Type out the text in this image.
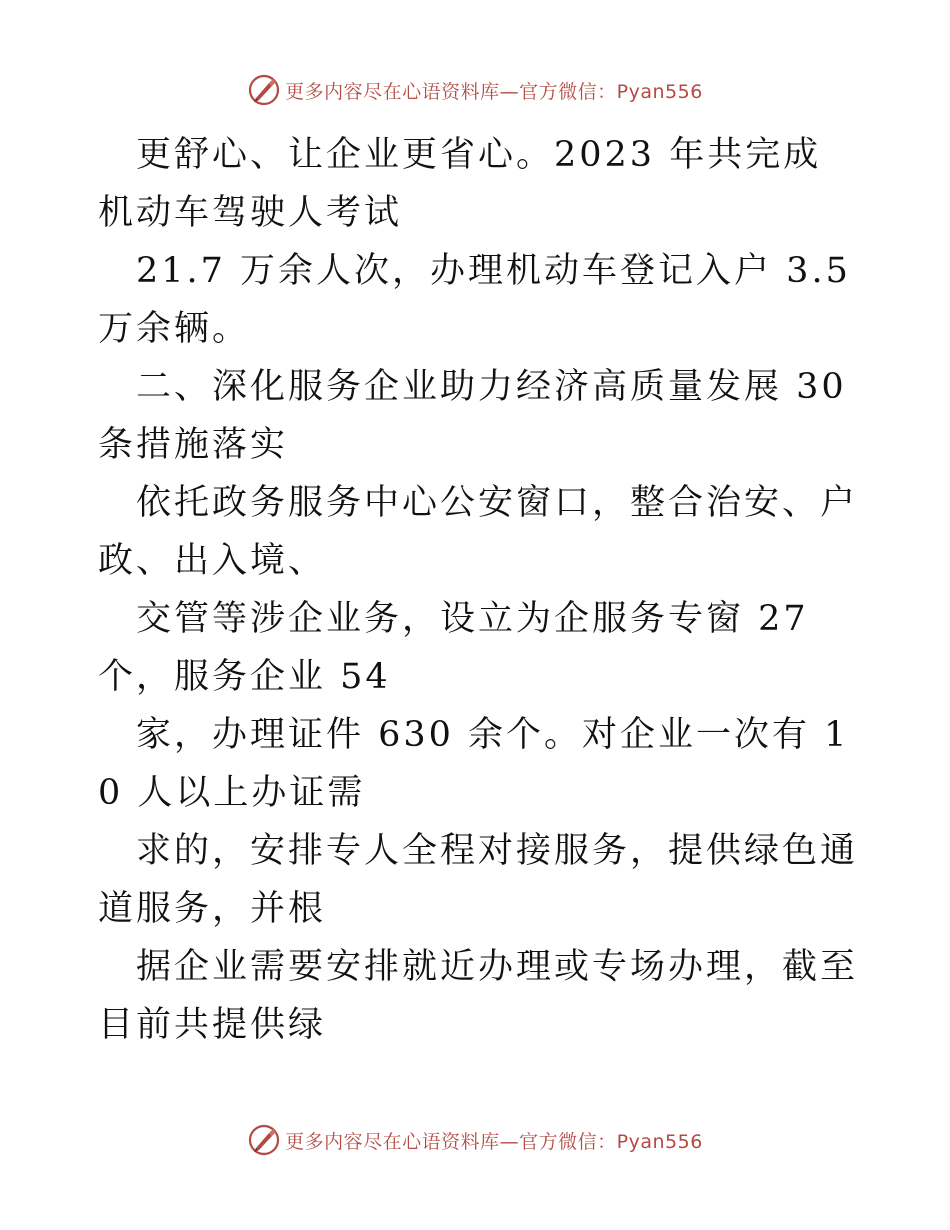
更多内容尽在心语资料库—官方微信：Pyan556

更舒心、让企业更省心。2023 年共完成机动车驾驶人考试

21.7 万余人次，办理机动车登记入户 3.5 万余辆。

二、深化服务企业助力经济高质量发展 30 条措施落实

依托政务服务中心公安窗口，整合治安、户政、出入境、

交管等涉企业务，设立为企服务专窗 27 个，服务企业 54

家，办理证件 630 余个。对企业一次有 10 人以上办证需

求的，安排专人全程对接服务，提供绿色通道服务，并根

据企业需要安排就近办理或专场办理，截至目前共提供绿

更多内容尽在心语资料库—官方微信：Pyan556
